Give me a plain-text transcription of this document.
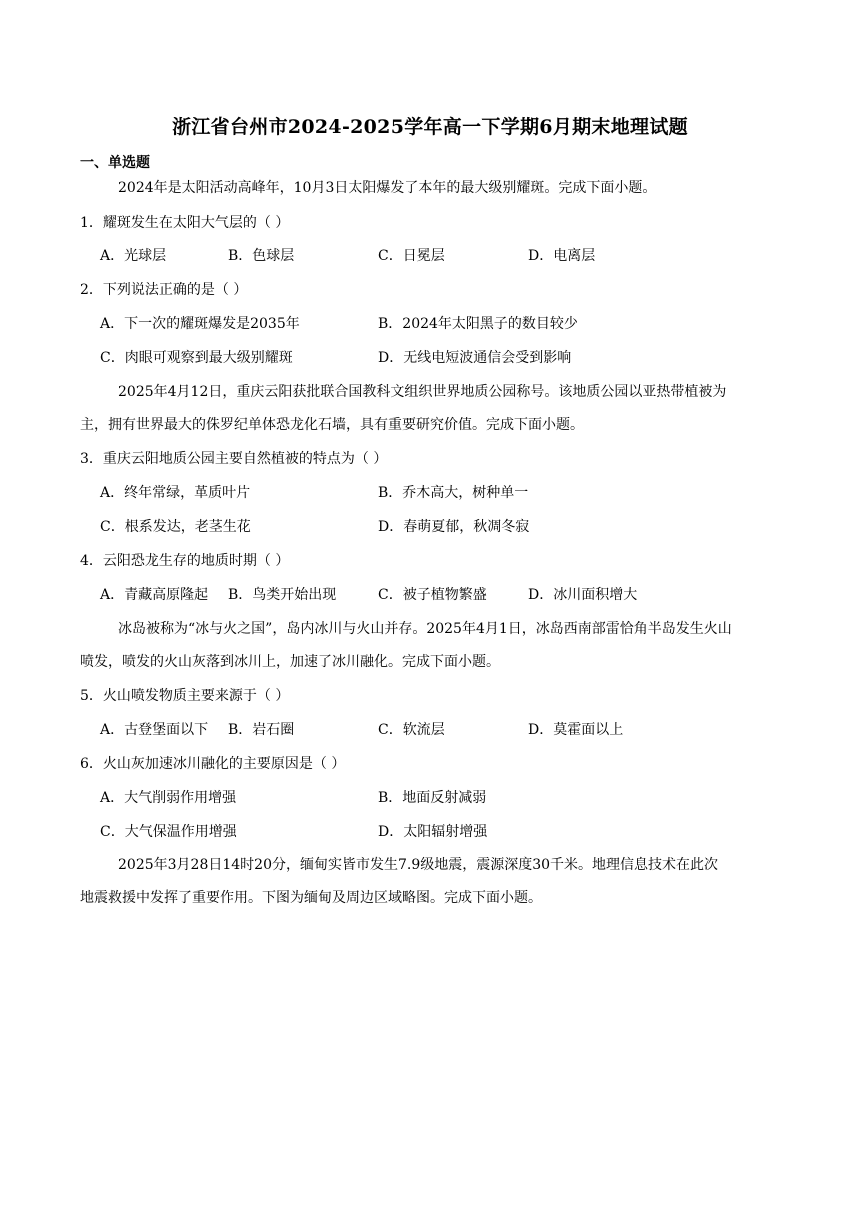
浙江省台州市2024-2025学年高一下学期6月期末地理试题
一、单选题
2024年是太阳活动高峰年，10月3日太阳爆发了本年的最大级别耀斑。完成下面小题。
1．耀斑发生在太阳大气层的（ ）
A．光球层	B．色球层	C．日冕层	D．电离层
2．下列说法正确的是（ ）
A．下一次的耀斑爆发是2035年	B．2024年太阳黑子的数目较少
C．肉眼可观察到最大级别耀斑	D．无线电短波通信会受到影响
2025年4月12日，重庆云阳获批联合国教科文组织世界地质公园称号。该地质公园以亚热带植被为
主，拥有世界最大的侏罗纪单体恐龙化石墙，具有重要研究价值。完成下面小题。
3．重庆云阳地质公园主要自然植被的特点为（ ）
A．终年常绿，革质叶片	B．乔木高大，树种单一
C．根系发达，老茎生花	D．春萌夏郁，秋凋冬寂
4．云阳恐龙生存的地质时期（ ）
A．青藏高原隆起 B．鸟类开始出现	C．被子植物繁盛	D．冰川面积增大
冰岛被称为“冰与火之国”，岛内冰川与火山并存。2025年4月1日，冰岛西南部雷恰角半岛发生火山
喷发，喷发的火山灰落到冰川上，加速了冰川融化。完成下面小题。
5．火山喷发物质主要来源于（ ）
A．古登堡面以下 B．岩石圈	C．软流层	D．莫霍面以上
6．火山灰加速冰川融化的主要原因是（ ）
A．大气削弱作用增强	B．地面反射减弱
C．大气保温作用增强	D．太阳辐射增强
2025年3月28日14时20分，缅甸实皆市发生7.9级地震，震源深度30千米。地理信息技术在此次
地震救援中发挥了重要作用。下图为缅甸及周边区域略图。完成下面小题。
